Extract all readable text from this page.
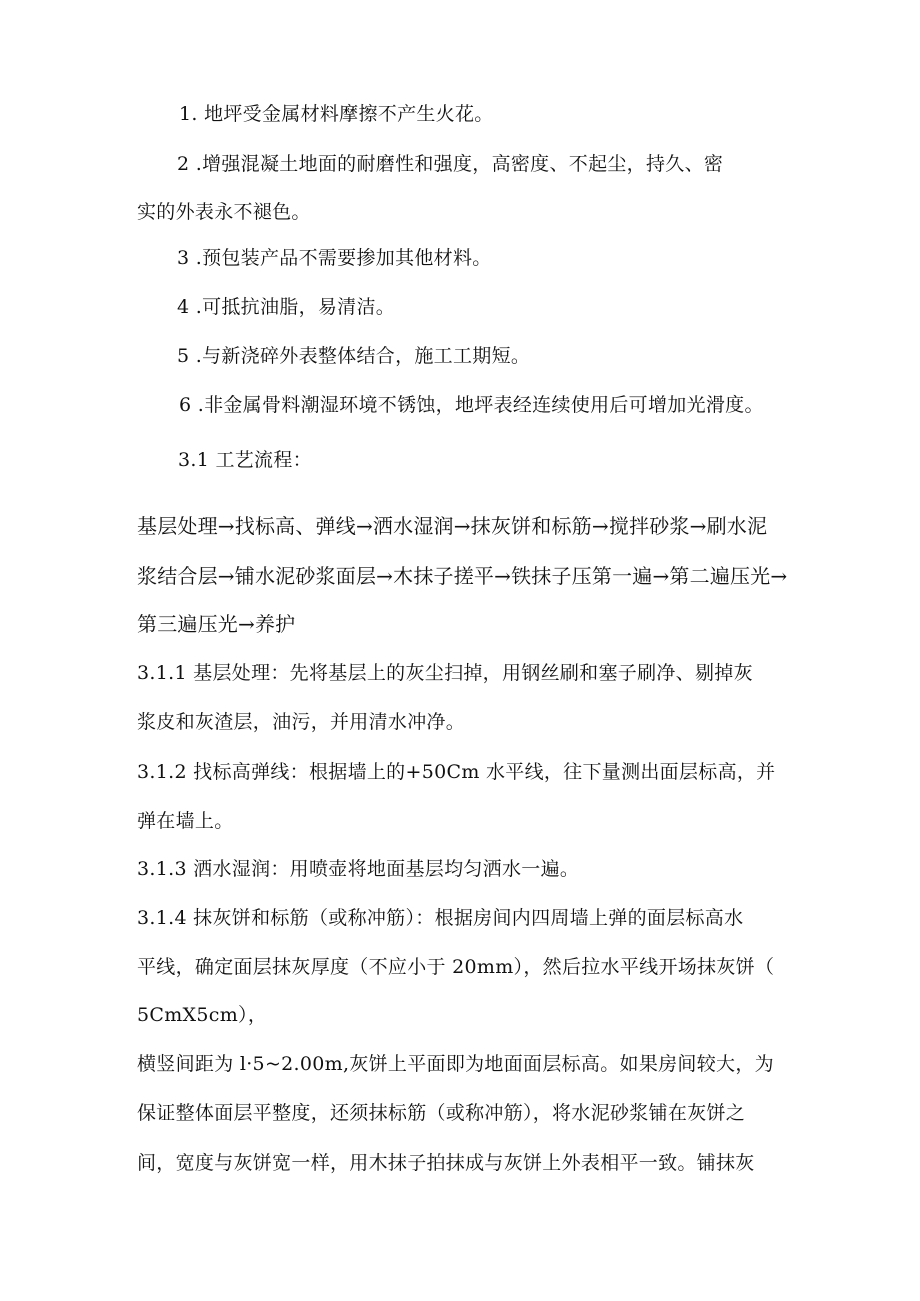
1. 地坪受金属材料摩擦不产生火花。
2 .增强混凝土地面的耐磨性和强度，高密度、不起尘，持久、密
实的外表永不褪色。
3 .预包装产品不需要掺加其他材料。
4 .可抵抗油脂，易清洁。
5 .与新浇碎外表整体结合，施工工期短。
6 .非金属骨料潮湿环境不锈蚀，地坪表经连续使用后可增加光滑度。
3.1 工艺流程：
基层处理→找标高、弹线→洒水湿润→抹灰饼和标筋→搅拌砂浆→刷水泥
浆结合层→铺水泥砂浆面层→木抹子搓平→铁抹子压第一遍→第二遍压光→
第三遍压光→养护
3.1.1 基层处理：先将基层上的灰尘扫掉，用钢丝刷和塞子刷净、剔掉灰
浆皮和灰渣层，油污，并用清水冲净。
3.1.2 找标高弹线：根据墙上的+50Cm 水平线，往下量测出面层标高，并
弹在墙上。
3.1.3 洒水湿润：用喷壶将地面基层均匀洒水一遍。
3.1.4 抹灰饼和标筋（或称冲筋）：根据房间内四周墙上弹的面层标高水
平线，确定面层抹灰厚度（不应小于 20mm），然后拉水平线开场抹灰饼（
5CmX5cm），
横竖间距为 l·5~2.00m,灰饼上平面即为地面面层标高。如果房间较大，为
保证整体面层平整度，还须抹标筋（或称冲筋），将水泥砂浆铺在灰饼之
间，宽度与灰饼宽一样，用木抹子拍抹成与灰饼上外表相平一致。铺抹灰
